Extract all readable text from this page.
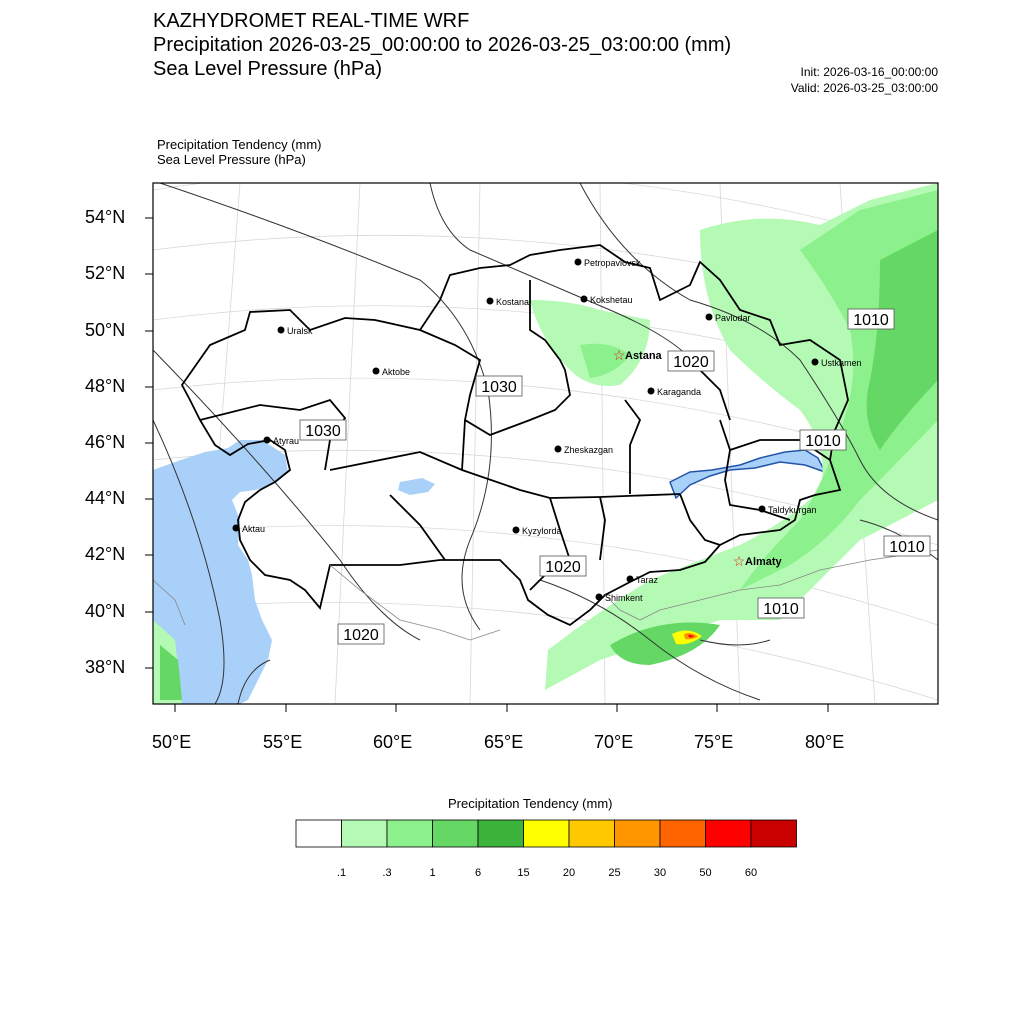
KAZHYDROMET REAL-TIME WRF
Precipitation 2026-03-25_00:00:00 to 2026-03-25_03:00:00 (mm)
Sea Level Pressure (hPa)	Init: 2026-03-16_00:00:00
Valid: 2026-03-25_03:00:00
Precipitation Tendency (mm)
Sea Level Pressure (hPa)
Petropavlovsk
Kostanai	Kokshetau
Pavlodar
Uralsk
Aktobe
☆ Astana
Ustkamen
Karaganda
Atyrau
Zheskazgan
Aktau	Kyzylorda
Taldykurgan
☆ Almaty
Taraz
Shimkent
1030
1030
1020
1020
1020
1010
1010
1010
1010
54°N
52°N
50°N
48°N
46°N
44°N
42°N
40°N
38°N
50°E	55°E	60°E	65°E	70°E	75°E	80°E
Precipitation Tendency (mm)
.1	.3	1	6	15	20	25	30	50	60
